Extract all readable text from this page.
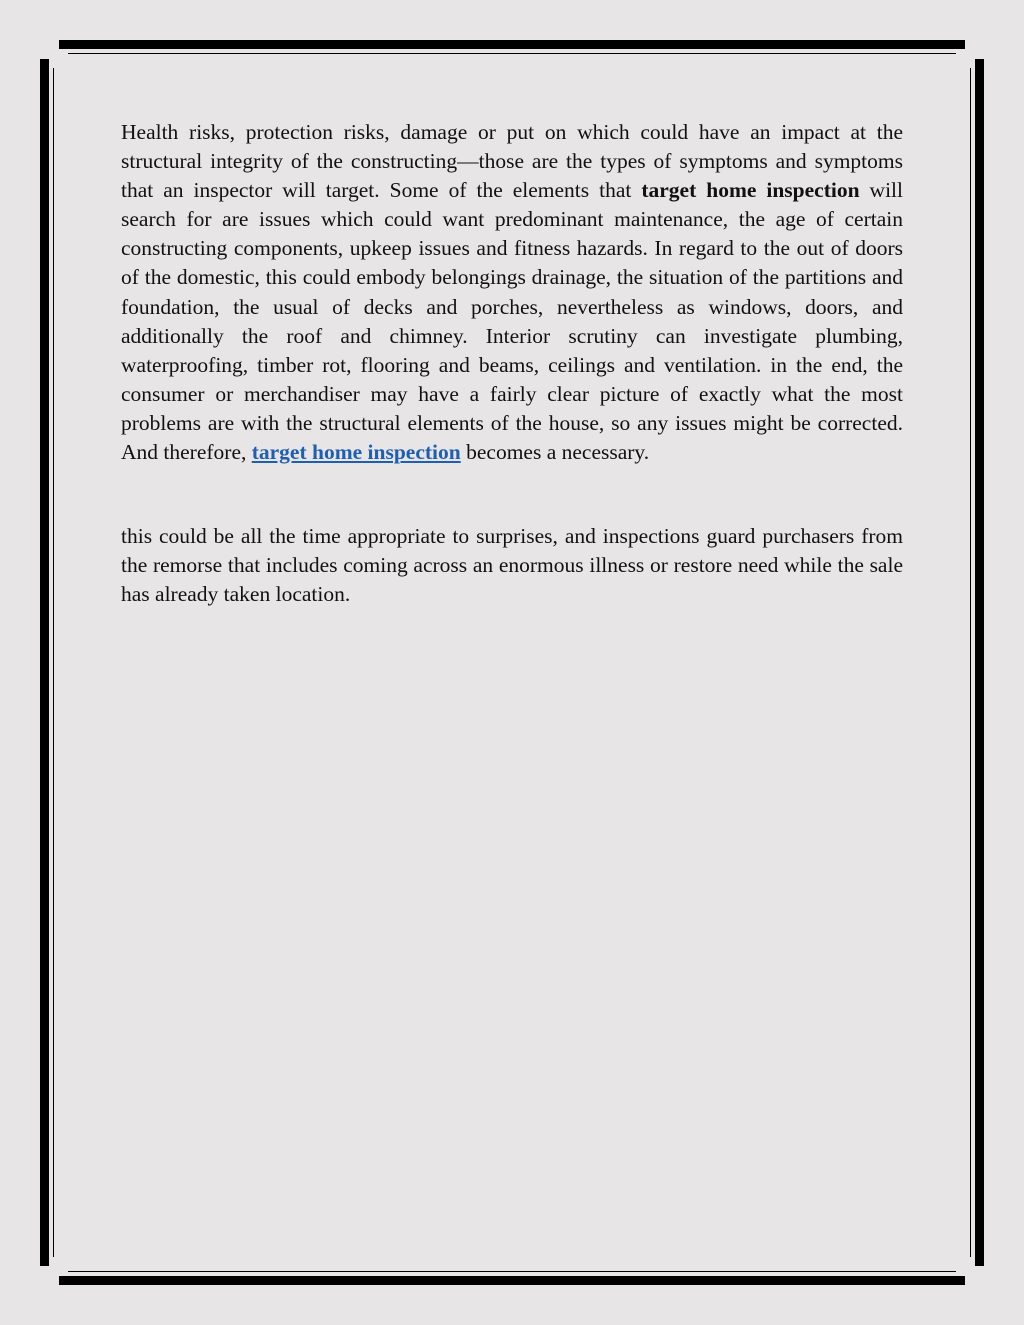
Health risks, protection risks, damage or put on which could have an impact at the structural integrity of the constructing—those are the types of symptoms and symptoms that an inspector will target. Some of the elements that target home inspection will search for are issues which could want predominant maintenance, the age of certain constructing components, upkeep issues and fitness hazards. In regard to the out of doors of the domestic, this could embody belongings drainage, the situation of the partitions and foundation, the usual of decks and porches, nevertheless as windows, doors, and additionally the roof and chimney. Interior scrutiny can investigate plumbing, waterproofing, timber rot, flooring and beams, ceilings and ventilation. in the end, the consumer or merchandiser may have a fairly clear picture of exactly what the most problems are with the structural elements of the house, so any issues might be corrected. And therefore, target home inspection becomes a necessary.

this could be all the time appropriate to surprises, and inspections guard purchasers from the remorse that includes coming across an enormous illness or restore need while the sale has already taken location.
